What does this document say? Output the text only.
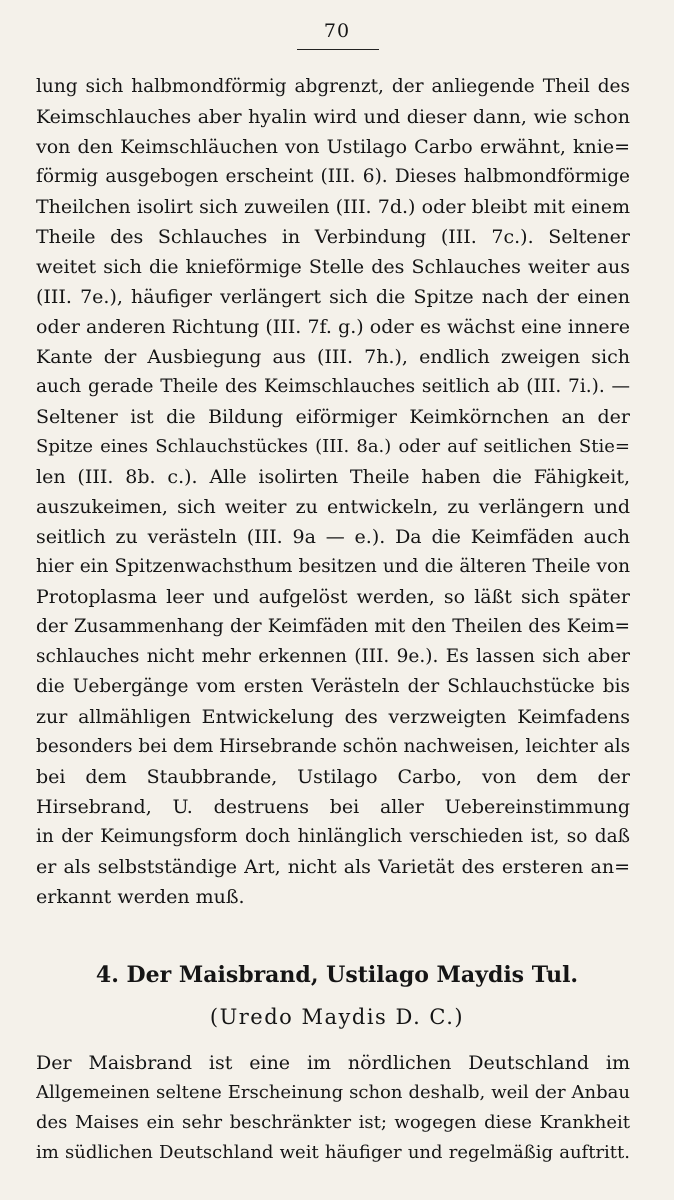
70
lung sich halbmondförmig abgrenzt, der anliegende Theil des
Keimschlauches aber hyalin wird und dieser dann, wie schon
von den Keimschläuchen von Ustilago Carbo erwähnt, knie=
förmig ausgebogen erscheint (III. 6). Dieses halbmondförmige
Theilchen isolirt sich zuweilen (III. 7d.) oder bleibt mit einem
Theile des Schlauches in Verbindung (III. 7c.). Seltener
weitet sich die knieförmige Stelle des Schlauches weiter aus
(III. 7e.), häufiger verlängert sich die Spitze nach der einen
oder anderen Richtung (III. 7f. g.) oder es wächst eine innere
Kante der Ausbiegung aus (III. 7h.), endlich zweigen sich
auch gerade Theile des Keimschlauches seitlich ab (III. 7i.). —
Seltener ist die Bildung eiförmiger Keimkörnchen an der
Spitze eines Schlauchstückes (III. 8a.) oder auf seitlichen Stie=
len (III. 8b. c.). Alle isolirten Theile haben die Fähigkeit,
auszukeimen, sich weiter zu entwickeln, zu verlängern und
seitlich zu verästeln (III. 9a — e.). Da die Keimfäden auch
hier ein Spitzenwachsthum besitzen und die älteren Theile von
Protoplasma leer und aufgelöst werden, so läßt sich später
der Zusammenhang der Keimfäden mit den Theilen des Keim=
schlauches nicht mehr erkennen (III. 9e.). Es lassen sich aber
die Uebergänge vom ersten Verästeln der Schlauchstücke bis
zur allmähligen Entwickelung des verzweigten Keimfadens
besonders bei dem Hirsebrande schön nachweisen, leichter als
bei dem Staubbrande, Ustilago Carbo, von dem der
Hirsebrand, U. destruens bei aller Uebereinstimmung
in der Keimungsform doch hinlänglich verschieden ist, so daß
er als selbstständige Art, nicht als Varietät des ersteren an=
erkannt werden muß.
4. Der Maisbrand, Ustilago Maydis Tul.
(Uredo Maydis D. C.)
Der Maisbrand ist eine im nördlichen Deutschland im
Allgemeinen seltene Erscheinung schon deshalb, weil der Anbau
des Maises ein sehr beschränkter ist; wogegen diese Krankheit
im südlichen Deutschland weit häufiger und regelmäßig auftritt.
